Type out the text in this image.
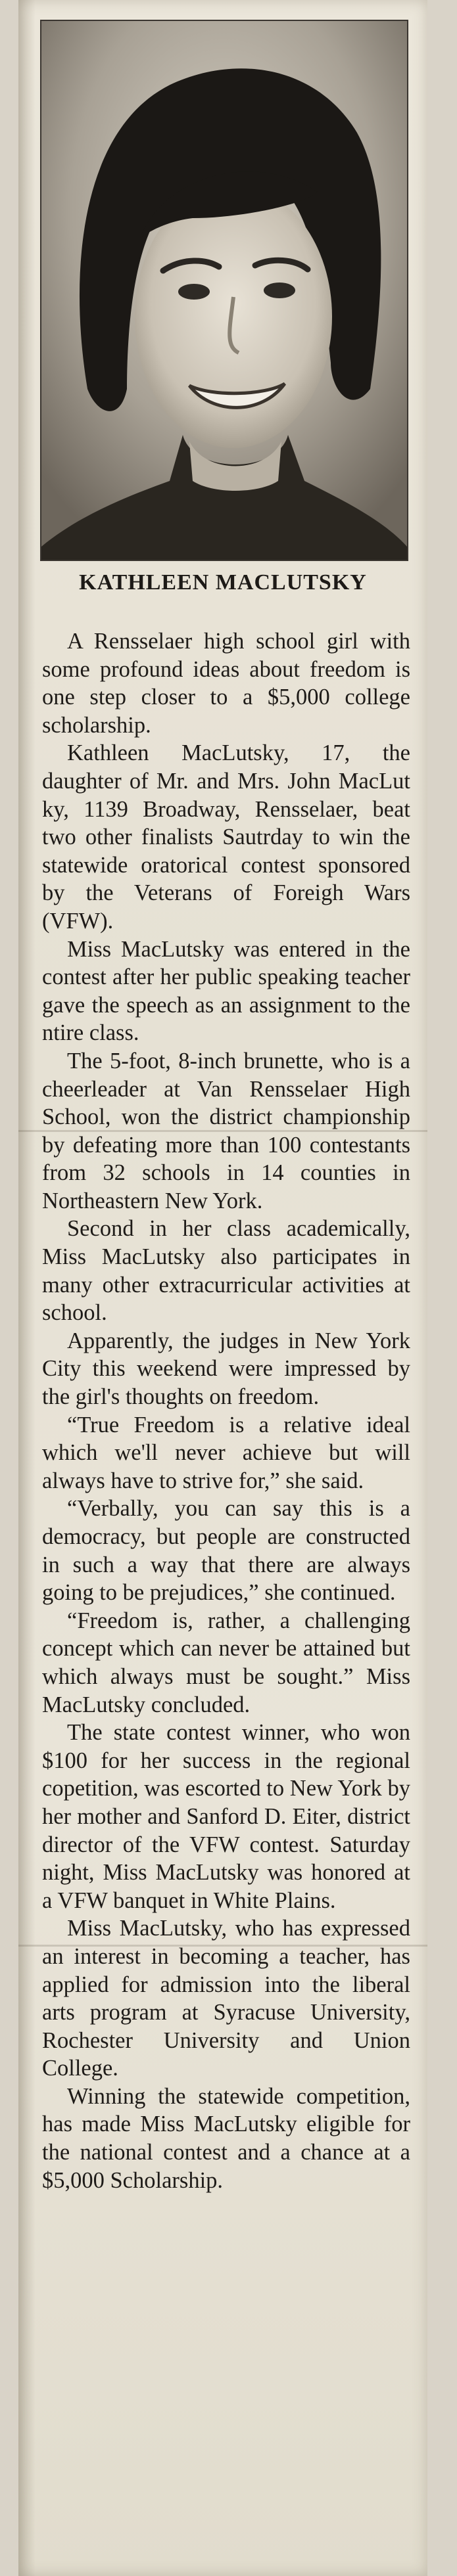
KATHLEEN MACLUTSKY

A Rensselaer high school girl with some profound ideas about freedom is one step closer to a $5,000 college scholarship.

Kathleen MacLutsky, 17, the daughter of Mr. and Mrs. John MacLut ky, 1139 Broadway, Rensselaer, beat two other finalists Sautrday to win the statewide oratorical contest sponsored by the Veterans of Foreigh Wars (VFW).

Miss MacLutsky was entered in the contest after her public speaking teacher gave the speech as an assignment to the ntire class.

The 5-foot, 8-inch brunette, who is a cheerleader at Van Rensselaer High School, won the district championship by defeating more than 100 contestants from 32 schools in 14 counties in Northeastern New York.

Second in her class academically, Miss MacLutsky also participates in many other extracurricular activities at school.

Apparently, the judges in New York City this weekend were impressed by the girl's thoughts on freedom.

“True Freedom is a relative ideal which we'll never achieve but will always have to strive for,” she said.

“Verbally, you can say this is a democracy, but people are constructed in such a way that there are always going to be prejudices,” she continued.

“Freedom is, rather, a challenging concept which can never be attained but which always must be sought.” Miss MacLutsky concluded.

The state contest winner, who won $100 for her success in the regional copetition, was escorted to New York by her mother and Sanford D. Eiter, district director of the VFW contest. Saturday night, Miss MacLutsky was honored at a VFW banquet in White Plains.

Miss MacLutsky, who has expressed an interest in becoming a teacher, has applied for admission into the liberal arts program at Syracuse University, Rochester University and Union College.

Winning the statewide competition, has made Miss MacLutsky eligible for the national contest and a chance at a $5,000 Scholarship.
